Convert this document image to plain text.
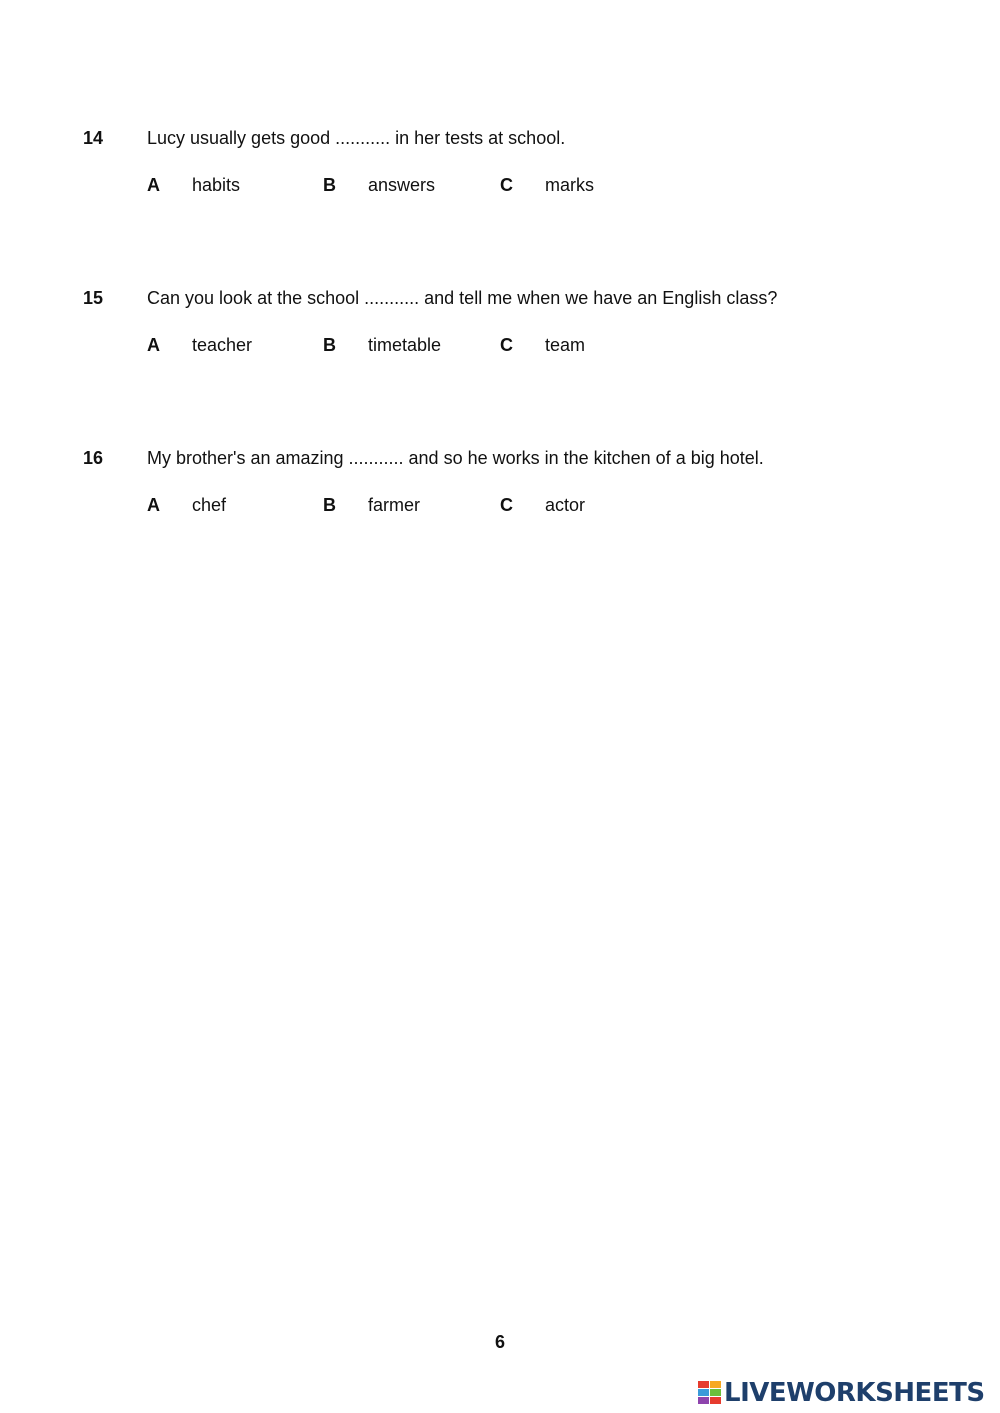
14 Lucy usually gets good ........... in her tests at school.
A habits	B answers	C marks
15 Can you look at the school ........... and tell me when we have an English class?
A teacher	B timetable	C team
16 My brother's an amazing ........... and so he works in the kitchen of a big hotel.
A chef	B farmer	C actor
6
LIVEWORKSHEETS
